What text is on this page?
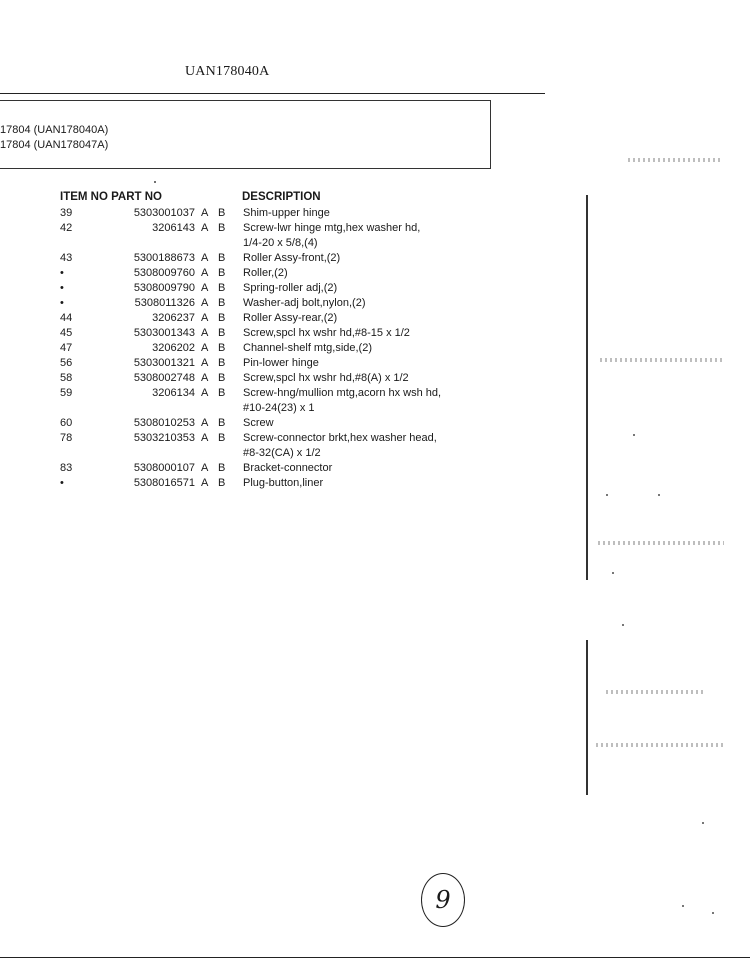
UAN178040A
17804 (UAN178040A)
17804 (UAN178047A)
ITEM NO PART NO	DESCRIPTION
39	5303001037 A B Shim-upper hinge
42	3206143 A B Screw-lwr hinge mtg,hex washer hd,
1/4-20 x 5/8,(4)
43	5300188673 A B Roller Assy-front,(2)
•	5308009760 A B Roller,(2)
•	5308009790 A B Spring-roller adj,(2)
•	5308011326 A B Washer-adj bolt,nylon,(2)
44	3206237 A B Roller Assy-rear,(2)
45	5303001343 A B Screw,spcl hx wshr hd,#8-15 x 1/2
47	3206202 A B Channel-shelf mtg,side,(2)
56	5303001321 A B Pin-lower hinge
58	5308002748 A B Screw,spcl hx wshr hd,#8(A) x 1/2
59	3206134 A B Screw-hng/mullion mtg,acorn hx wsh hd,
#10-24(23) x 1
60	5308010253 A B Screw
78	5303210353 A B Screw-connector brkt,hex washer head,
#8-32(CA) x 1/2
83	5308000107 A B Bracket-connector
•	5308016571 A B Plug-button,liner
9
